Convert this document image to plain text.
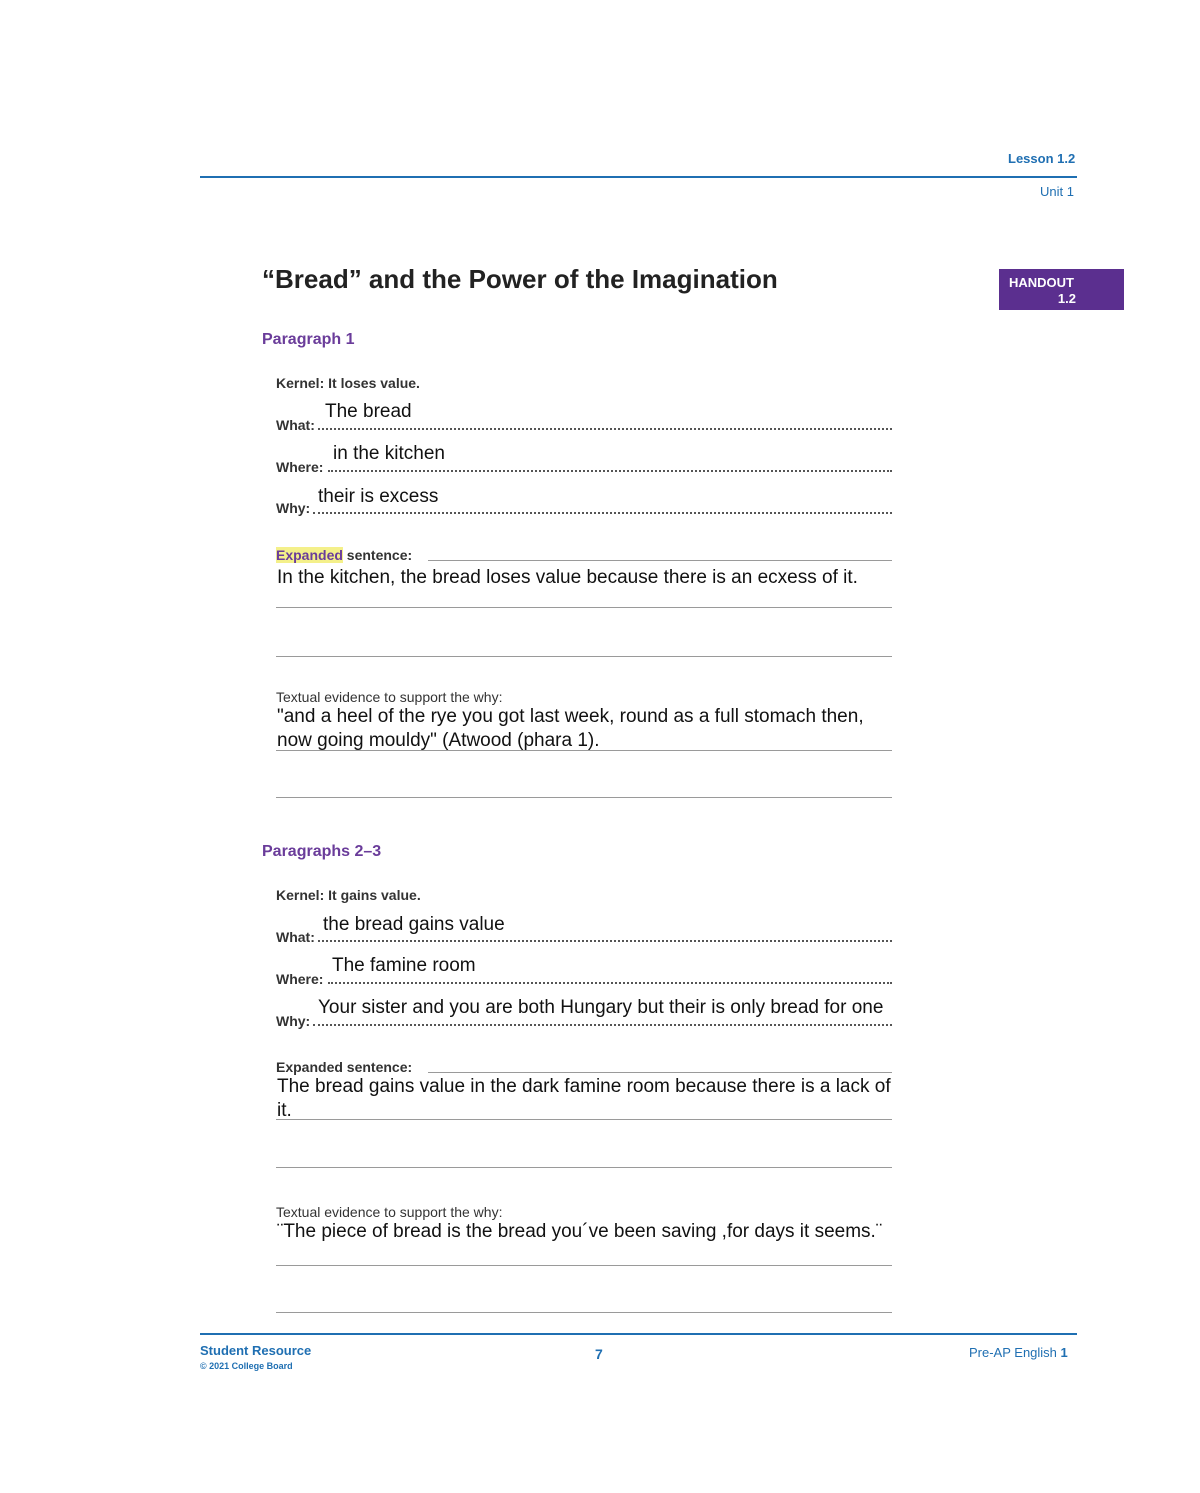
Lesson 1.2
Unit 1
“Bread” and the Power of the Imagination	HANDOUT
1.2
Paragraph 1
Kernel: It loses value.
What:
The bread
Where:
in the kitchen
Why:
their is excess
Expanded sentence:
In the kitchen, the bread loses value because there is an ecxess of it.
Textual evidence to support the why:
"and a heel of the rye you got last week, round as a full stomach then, now going mouldy" (Atwood (phara 1).
Paragraphs 2–3
Kernel: It gains value.
What:
the bread gains value
Where:
The famine room
Why:
Your sister and you are both Hungary but their is only bread for one
Expanded sentence:
The bread gains value in the dark famine room because there is a lack of it.
Textual evidence to support the why:
¨The piece of bread is the bread you´ve been saving ,for days it seems.¨
Student Resource
© 2021 College Board
7	Pre-AP English 1
